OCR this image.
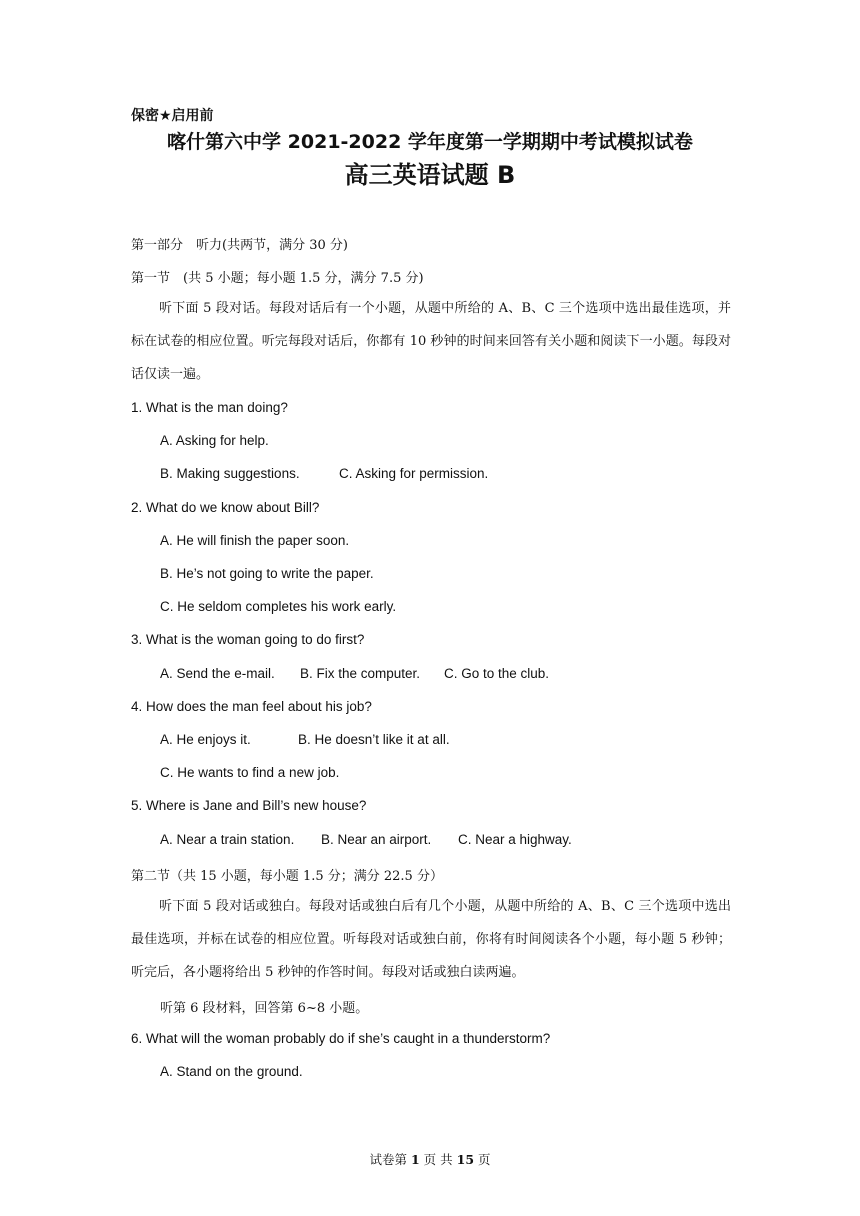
保密★启用前
喀什第六中学 2021-2022 学年度第一学期期中考试模拟试卷
高三英语试题 B
第一部分　听力(共两节，满分 30 分)
第一节　(共 5 小题；每小题 1.5 分，满分 7.5 分)
听下面 5 段对话。每段对话后有一个小题，从题中所给的 A、B、C 三个选项中选出最佳选项，并标在试卷的相应位置。听完每段对话后，你都有 10 秒钟的时间来回答有关小题和阅读下一小题。每段对话仅读一遍。
1. What is the man doing?
A. Asking for help.
B. Making suggestions.	C. Asking for permission.
2. What do we know about Bill?
A. He will finish the paper soon.
B. He’s not going to write the paper.
C. He seldom completes his work early.
3. What is the woman going to do first?
A. Send the e-mail. B. Fix the computer. C. Go to the club.
4. How does the man feel about his job?
A. He enjoys it.	B. He doesn’t like it at all.
C. He wants to find a new job.
5. Where is Jane and Bill’s new house?
A. Near a train station. B. Near an airport. C. Near a highway.
第二节（共 15 小题，每小题 1.5 分；满分 22.5 分）
听下面 5 段对话或独白。每段对话或独白后有几个小题，从题中所给的 A、B、C 三个选项中选出最佳选项，并标在试卷的相应位置。听每段对话或独白前，你将有时间阅读各个小题，每小题 5 秒钟；听完后，各小题将给出 5 秒钟的作答时间。每段对话或独白读两遍。
听第 6 段材料，回答第 6~8 小题。
6. What will the woman probably do if she’s caught in a thunderstorm?
A. Stand on the ground.
试卷第 1 页 共 15 页
